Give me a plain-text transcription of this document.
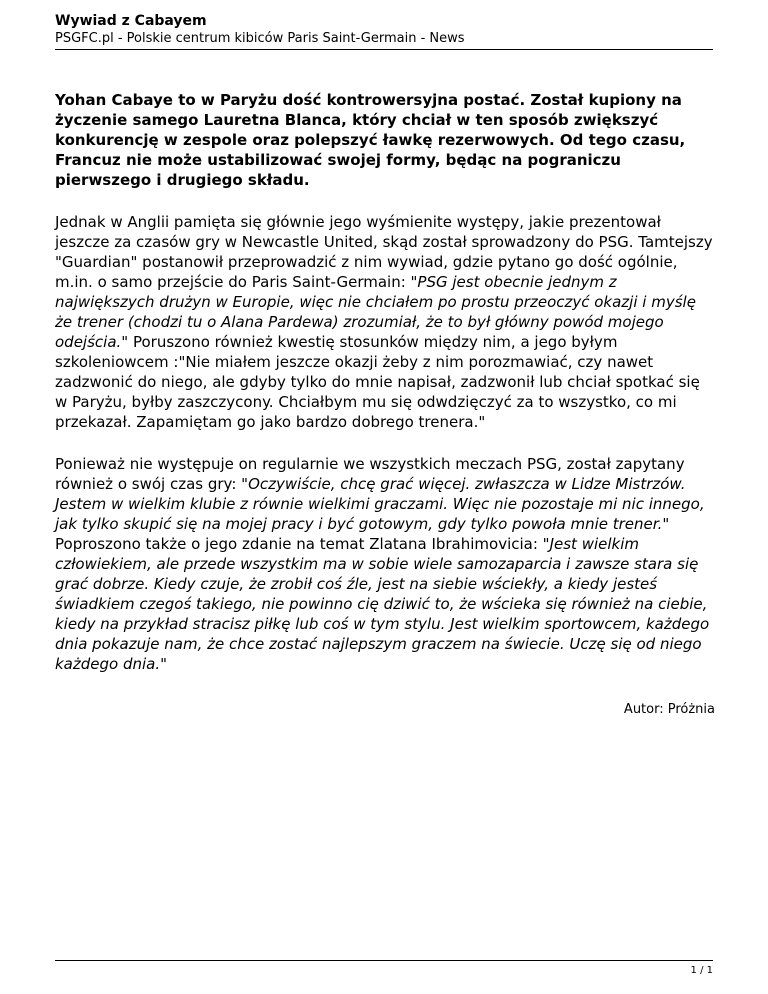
Wywiad z Cabayem
PSGFC.pl - Polskie centrum kibiców Paris Saint-Germain - News

Yohan Cabaye to w Paryżu dość kontrowersyjna postać. Został kupiony na życzenie samego Lauretna Blanca, który chciał w ten sposób zwiększyć konkurencję w zespole oraz polepszyć ławkę rezerwowych. Od tego czasu, Francuz nie może ustabilizować swojej formy, będąc na pograniczu pierwszego i drugiego składu.

Jednak w Anglii pamięta się głównie jego wyśmienite występy, jakie prezentował jeszcze za czasów gry w Newcastle United, skąd został sprowadzony do PSG. Tamtejszy "Guardian" postanowił przeprowadzić z nim wywiad, gdzie pytano go dość ogólnie, m.in. o samo przejście do Paris Saint-Germain: "PSG jest obecnie jednym z największych drużyn w Europie, więc nie chciałem po prostu przeoczyć okazji i myślę że trener (chodzi tu o Alana Pardewa) zrozumiał, że to był główny powód mojego odejścia." Poruszono również kwestię stosunków między nim, a jego byłym szkoleniowcem :"Nie miałem jeszcze okazji żeby z nim porozmawiać, czy nawet zadzwonić do niego, ale gdyby tylko do mnie napisał, zadzwonił lub chciał spotkać się w Paryżu, byłby zaszczycony. Chciałbym mu się odwdzięczyć za to wszystko, co mi przekazał. Zapamiętam go jako bardzo dobrego trenera."

Ponieważ nie występuje on regularnie we wszystkich meczach PSG, został zapytany również o swój czas gry: "Oczywiście, chcę grać więcej. zwłaszcza w Lidze Mistrzów. Jestem w wielkim klubie z równie wielkimi graczami. Więc nie pozostaje mi nic innego, jak tylko skupić się na mojej pracy i być gotowym, gdy tylko powoła mnie trener." Poproszono także o jego zdanie na temat Zlatana Ibrahimovicia: "Jest wielkim człowiekiem, ale przede wszystkim ma w sobie wiele samozaparcia i zawsze stara się grać dobrze. Kiedy czuje, że zrobił coś źle, jest na siebie wściekły, a kiedy jesteś świadkiem czegoś takiego, nie powinno cię dziwić to, że wścieka się również na ciebie, kiedy na przykład stracisz piłkę lub coś w tym stylu. Jest wielkim sportowcem, każdego dnia pokazuje nam, że chce zostać najlepszym graczem na świecie. Uczę się od niego każdego dnia."

Autor: Próżnia
1 / 1
